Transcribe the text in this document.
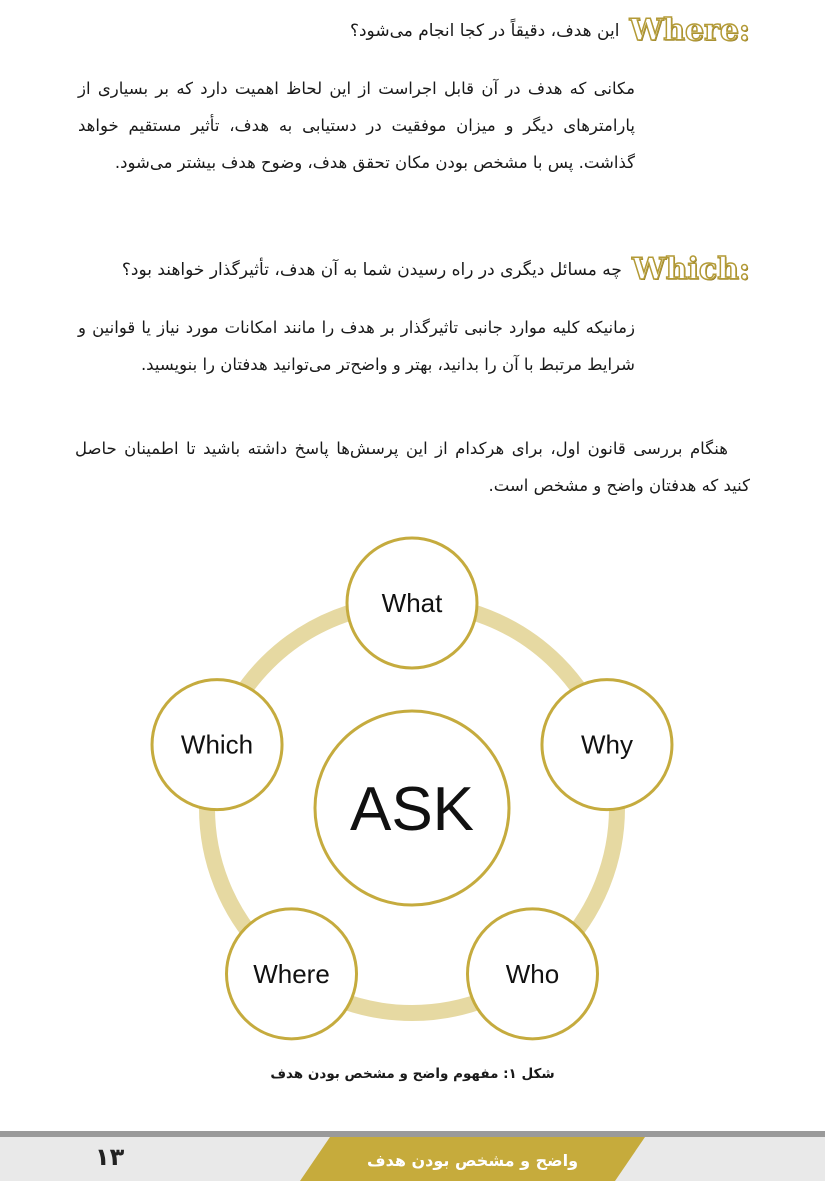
Where:
این هدف، دقیقاً در کجا انجام می‌شود؟

مکانی که هدف در آن قابل اجراست از این لحاظ اهمیت دارد که بر بسیاری از پارامترهای دیگر و میزان موفقیت در دستیابی به هدف، تأثیر مستقیم خواهد گذاشت. پس با مشخص بودن مکان تحقق هدف، وضوح هدف بیشتر می‌شود.

Which:
چه مسائل دیگری در راه رسیدن شما به آن هدف، تأثیرگذار خواهند بود؟

زمانیکه کلیه موارد جانبی تاثیرگذار بر هدف را مانند امکانات مورد نیاز یا قوانین و شرایط مرتبط با آن را بدانید، بهتر و واضح‌تر می‌توانید هدفتان را بنویسید.

هنگام بررسی قانون اول، برای هرکدام از این پرسش‌ها پاسخ داشته باشید تا اطمینان حاصل کنید که هدفتان واضح و مشخص است.

ASK
What
Why
Who
Where
Which
شکل ۱: مفهوم واضح و مشخص بودن هدف
واضح و مشخص بودن هدف
۱۳
